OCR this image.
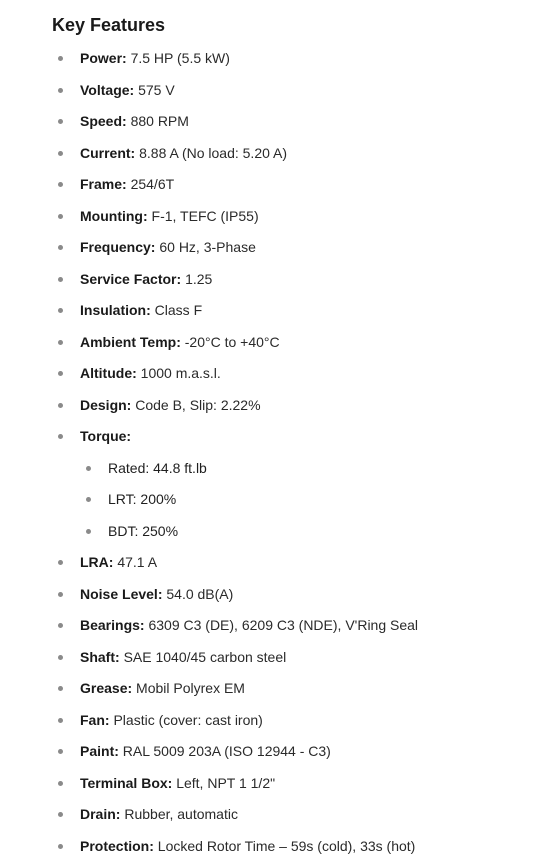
Key Features
Power: 7.5 HP (5.5 kW)
Voltage: 575 V
Speed: 880 RPM
Current: 8.88 A (No load: 5.20 A)
Frame: 254/6T
Mounting: F-1, TEFC (IP55)
Frequency: 60 Hz, 3-Phase
Service Factor: 1.25
Insulation: Class F
Ambient Temp: -20°C to +40°C
Altitude: 1000 m.a.s.l.
Design: Code B, Slip: 2.22%
Torque:
Rated: 44.8 ft.lb
LRT: 200%
BDT: 250%
LRA: 47.1 A
Noise Level: 54.0 dB(A)
Bearings: 6309 C3 (DE), 6209 C3 (NDE), V'Ring Seal
Shaft: SAE 1040/45 carbon steel
Grease: Mobil Polyrex EM
Fan: Plastic (cover: cast iron)
Paint: RAL 5009 203A (ISO 12944 - C3)
Terminal Box: Left, NPT 1 1/2"
Drain: Rubber, automatic
Protection: Locked Rotor Time – 59s (cold), 33s (hot)
